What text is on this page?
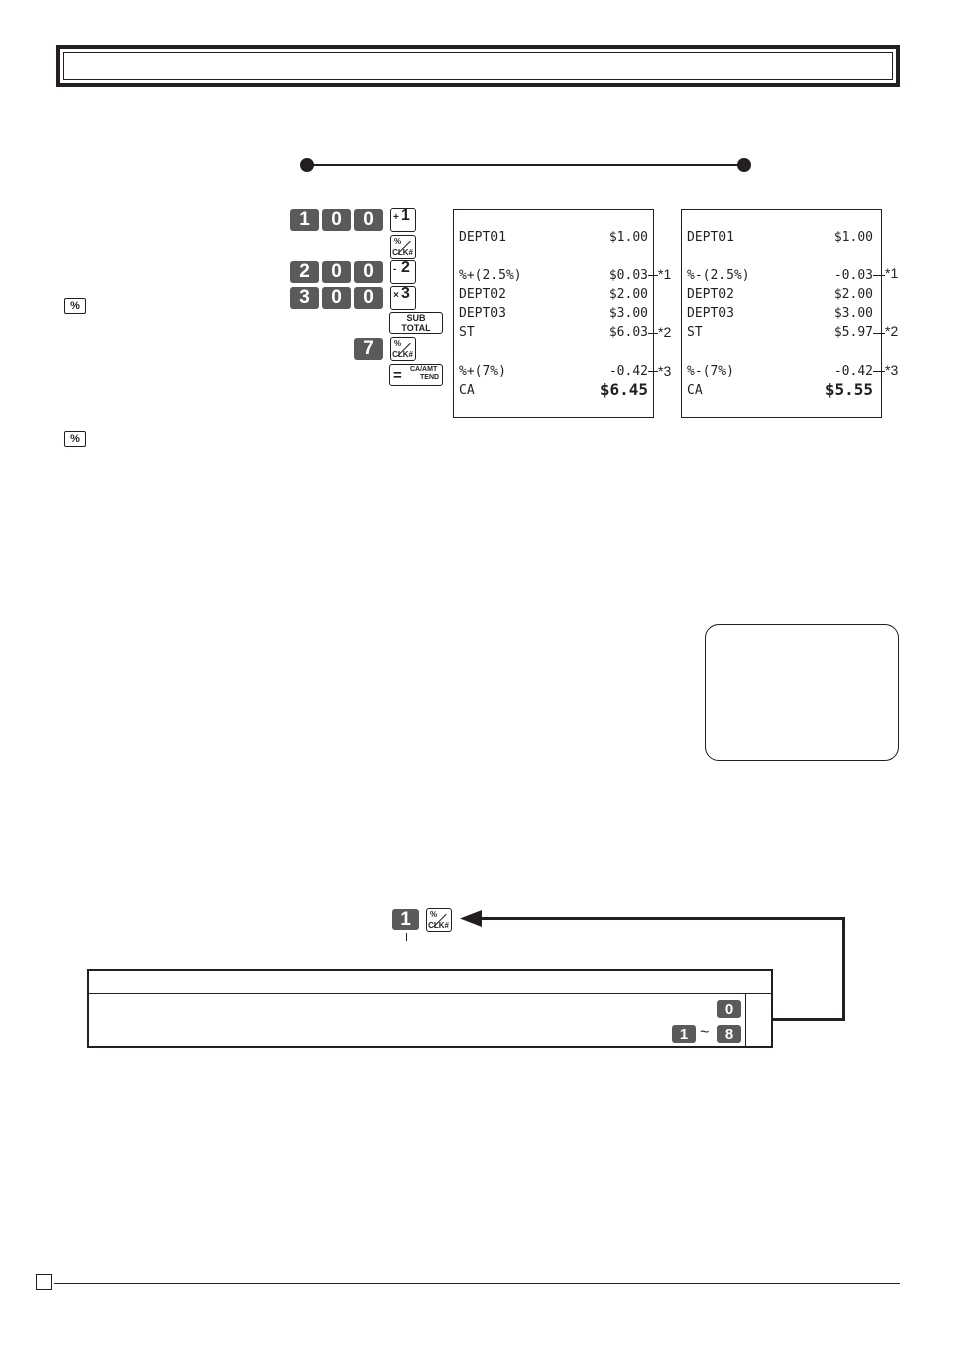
%
%
1	0	0	+ 1
%
CLK#
2	0	0	- 2
3	0	0	× 3
SUB
TOTAL
7	%
CLK#
= CA/AMT
TEND
DEPT01	$1.00
%+(2.5%)	$0.03
DEPT02	$2.00
DEPT03	$3.00
ST	$6.03
%+(7%)	-0.42
CA	$6.45
DEPT01	$1.00
%-(2.5%)	-0.03
DEPT02	$2.00
DEPT03	$3.00
ST	$5.97
%-(7%)	-0.42
CA	$5.55
*1
*2
*3
*1
*2
*3
1	%
CLK#
0
1 ~	8
